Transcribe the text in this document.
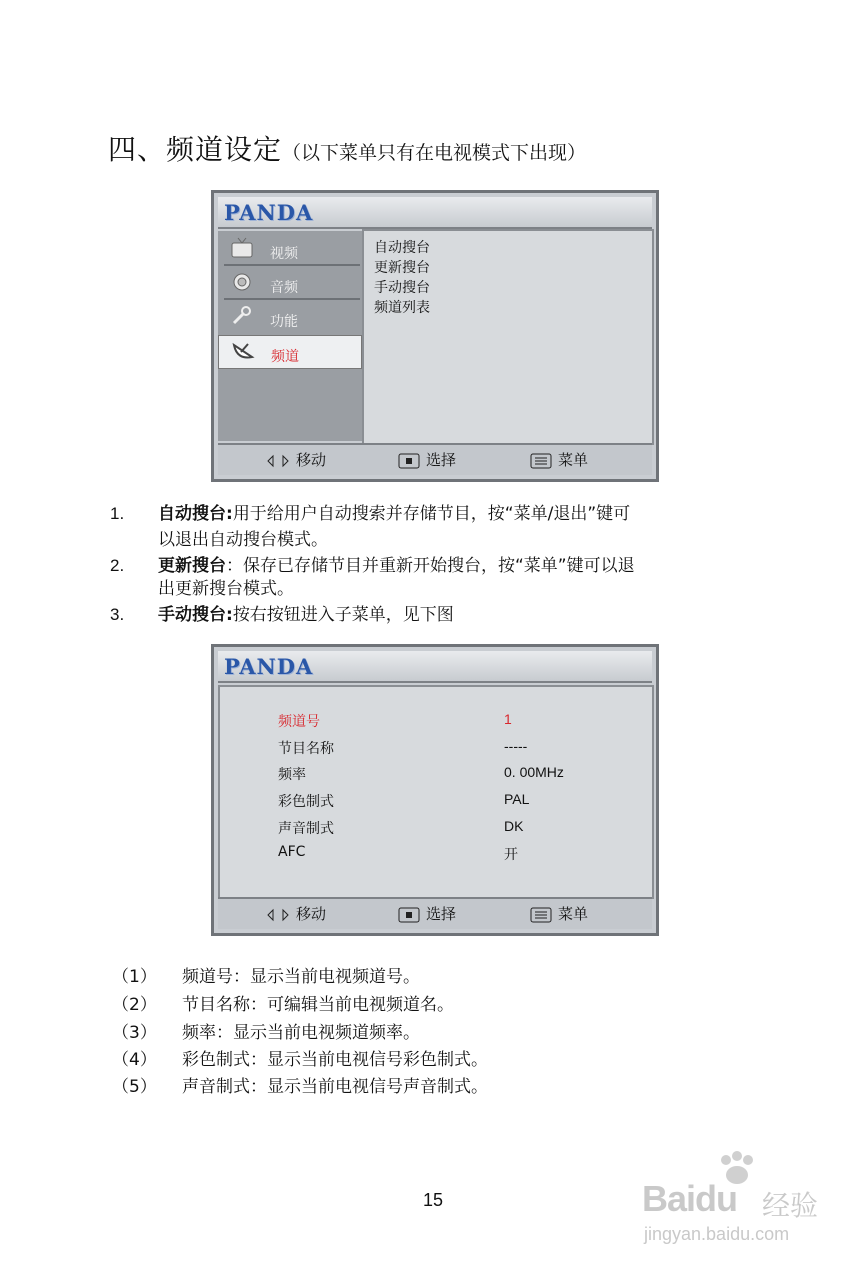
四、频道设定（以下菜单只有在电视模式下出现）
PANDA
视频
音频
功能
频道
自动搜台
更新搜台
手动搜台
频道列表
移动	选择	菜单
1. 自动搜台:用于给用户自动搜索并存储节目，按“菜单/退出”键可
以退出自动搜台模式。
2. 更新搜台：保存已存储节目并重新开始搜台，按“菜单”键可以退
出更新搜台模式。
3. 手动搜台:按右按钮进入子菜单，见下图
PANDA
频道号	1
节目名称	-----
频率	0. 00MHz
彩色制式	PAL
声音制式	DK
AFC	开
移动	选择	菜单
（1） 频道号：显示当前电视频道号。
（2） 节目名称：可编辑当前电视频道名。
（3） 频率：显示当前电视频道频率。
（4） 彩色制式：显示当前电视信号彩色制式。
（5） 声音制式：显示当前电视信号声音制式。
15	Baidu 经验
jingyan.baidu.com
